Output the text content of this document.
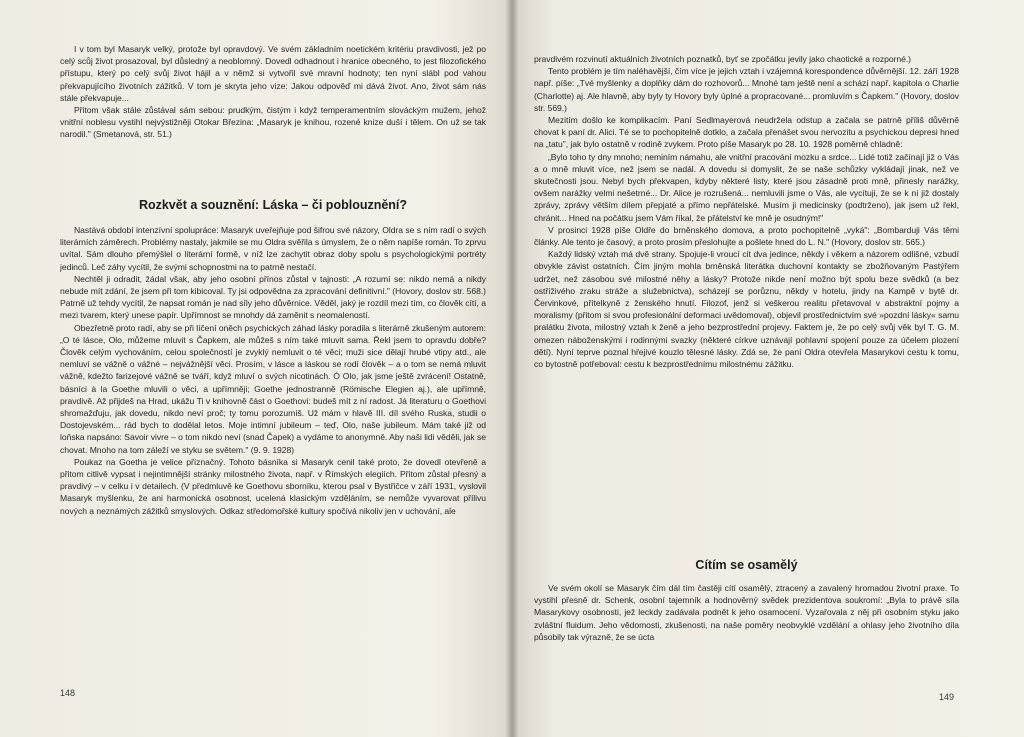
I v tom byl Masaryk velký, protože byl opravdový. Ve svém základním noetickém kritériu pravdivosti, jež po celý scůj život prosazoval, byl důsledný a neoblomný. Dovedl odhadnout i hranice obecného, to jest filozofického přístupu, který po celý svůj život hájil a v němž si vytvořil své mravní hodnoty; ten nyní slábl pod vahou překvapujícího životních zážitků. V tom je skryta jeho vize: Jakou odpověď mi dává život. Ano, život sám nás stále překvapuje...

Přitom však stále zůstával sám sebou: prudkým, čistým i když temperamentním slováckým mužem, jehož vnitřní noblesu vystihl nejvýstižněji Otokar Březina: „Masaryk je knihou, rozené knize duší i tělem. On už se tak narodil." (Smetanová, str. 51.)

Rozkvět a souznění: Láska – či poblouznění?

Nastává období intenzívní spolupráce: Masaryk uveřejňuje pod šifrou své názory, Oldra se s ním radí o svých literárních záměrech. Problémy nastaly, jakmile se mu Oldra svěřila s úmyslem, že o něm napíše román. To zprvu uvítal. Sám dlouho přemýšlel o literární formě, v níž lze zachytit obraz doby spolu s psychologickými portréty jedinců. Leč záhy vycítil, že svými schopnostmi na to patrně nestačí.

Nechtěl ji odradit, žádal však, aby jeho osobní přínos zůstal v tajnosti: „A rozumí se: nikdo nemá a nikdy nebude mít zdání, že jsem při tom kibicoval. Ty jsi odpovědna za zpracování definitivní." (Hovory, doslov str. 568.) Patrně už tehdy vycítil, že napsat román je nad síly jeho důvěrnice. Věděl, jaký je rozdíl mezi tím, co člověk cítí, a mezi tvarem, který unese papír. Upřímnost se mnohdy dá zaměnit s neomaleností.

Obezřetně proto radí, aby se při líčení oněch psychických záhad lásky poradila s literárně zkušeným autorem: „O té lásce, Olo, můžeme mluvit s Čapkem, ale můžeš s ním také mluvit sama. Řekl jsem to opravdu dobře? Člověk celým vychováním, celou společností je zvyklý nemluvit o té věci; muži sice dělají hrubé vtipy atd., ale nemluví se vážně o vážné – nejvážnější věci. Prosím, v lásce a láskou se rodí člověk – a o tom se nemá mluvit vážně, kdežto farizejové vážně se tváří, když mluví o svých nicotinách. Ó Olo, jak jsme ještě zvrácení! Ostatně, básníci à la Goethe mluvili o věci, a upřímněji; Goethe jednostranně (Römische Elegien aj.), ale upřímně, pravdivě. Až přijdeš na Hrad, ukážu Ti v knihovně část o Goethovi: budeš mít z ní radost. Já literaturu o Goethovi shromažďuju, jak dovedu, nikdo neví proč; ty tomu porozumíš. Už mám v hlavě III. díl svého Ruska, studii o Dostojevském... rád bych to dodělal letos. Moje intimní jubileum – teď, Olo, naše jubileum. Mám také již od loňska napsáno: Savoir vivre – o tom nikdo neví (snad Čapek) a vydáme to anonymně. Aby naši lidi věděli, jak se chovat. Mnoho na tom záleží ve styku se světem." (9. 9. 1928)

Poukaz na Goetha je velice příznačný. Tohoto básníka si Masaryk cenil také proto, že dovedl otevřeně a přitom citlivě vypsat i nejintimnější stránky milostného života, např. v Římských elegiích. Přitom zůstal přesný a pravdivý – v celku i v detailech. (V předmluvě ke Goethovu sborníku, kterou psal v Bystřičce v září 1931, vyslovil Masaryk myšlenku, že ani harmonická osobnost, ucelená klasickým vzděláním, se nemůže vyvarovat přílivu nových a neznámých zážitků smyslových. Odkaz středomořské kultury spočívá nikoliv jen v uchování, ale

148

pravdivém rozvinutí aktuálních životních poznatků, byť se zpočátku jevily jako chaotické a rozporné.)

Tento problém je tím naléhavější, čím více je jejich vztah i vzájemná korespondence důvěrnější. 12. září 1928 např. píše: „Tvé myšlenky a doplňky dám do rozhovorů... Mnohé tam ještě není a schází např. kapitola o Charlie (Charlotte) aj. Ale hlavně, aby byly ty Hovory byly úplné a propracované... promluvím s Čapkem." (Hovory, doslov str. 569.)

Mezitím došlo ke komplikacím. Paní Sedlmayerová neudržela odstup a začala se patrně příliš důvěrně chovat k paní dr. Alici. Té se to pochopitelně dotklo, a začala přenášet svou nervozitu a psychickou depresi hned na „tatu", jak bylo ostatně v rodině zvykem. Proto píše Masaryk po 28. 10. 1928 poměrně chladně:

„Bylo toho ty dny mnoho; neminím námahu, ale vnitřní pracování mozku a srdce... Lidé totiž začínají již o Vás a o mně mluvit více, než jsem se nadál. A dovedu si domyslit, že se naše schůzky vykládají jinak, než ve skutečnosti jsou. Nebyl bych překvapen, kdyby některé listy, které jsou zásadně proti mně, přinesly narážky, ovšem narážky velmi nešetrné... Dr. Alice je rozrušená... nemluvili jsme o Vás, ale vycítuji, že se k ní již dostaly zprávy, zprávy větším dílem přepjaté a přímo nepřátelské. Musím ji medicinsky (podtrženo), jak jsem už řekl, chránit... Hned na počátku jsem Vám říkal, že přátelství ke mně je osudným!"

V prosinci 1928 píše Oldře do brněnského domova, a proto pochopitelně „vyká": „Bombarduji Vás těmi články. Ale tento je časový, a proto prosím přeslohujte a pošlete hned do L. N." (Hovory, doslov str. 565.)

Každý lidský vztah má dvě strany. Spojuje-li vroucí cit dva jedince, někdy i věkem a názorem odlišné, vzbudí obvykle závist ostatních. Čím jiným mohla brněnská literátka duchovní kontakty se zbožňovaným Pastýřem udržet, než zásobou své milostné něhy a lásky? Protože nikde není možno být spolu beze svědků (a bez ostříživého zraku stráže a služebnictva), scházejí se porůznu, někdy v hotelu, jindy na Kampě v bytě dr. Červinkové, přítelkyně z ženského hnutí. Filozof, jenž si veškerou realitu přetavoval v abstraktní pojmy a moralismy (přitom si svou profesionální deformaci uvědomoval), objevil prostřednictvím své »pozdní lásky« samu pralátku života, milostný vztah k ženě a jeho bezprostřední projevy. Faktem je, že po celý svůj věk byl T. G. M. omezen náboženskými i rodinnými svazky (některé církve uznávají pohlavní spojení pouze za účelem plození dětí). Nyní teprve poznal hřejivé kouzlo tělesné lásky. Zdá se, že paní Oldra otevřela Masarykovi cestu k tomu, co bytostně potřeboval: cestu k bezprostřednímu milostnému zážitku.

Cítím se osamělý

Ve svém okolí se Masaryk čím dál tím častěji cítí osamělý, ztracený a zavalený hromadou životní praxe. To vystihl přesně dr. Schenk, osobní tajemník a hodnověrný svědek prezidentova soukromí: „Byla to právě síla Masarykovy osobnosti, jež leckdy zadávala podnět k jeho osamocení. Vyzařovala z něj při osobním styku jako zvláštní fluidum. Jeho vědomosti, zkušenosti, na naše poměry neobvyklé vzdělání a ohlasy jeho životního díla působily tak výrazně, že se úcta

149
